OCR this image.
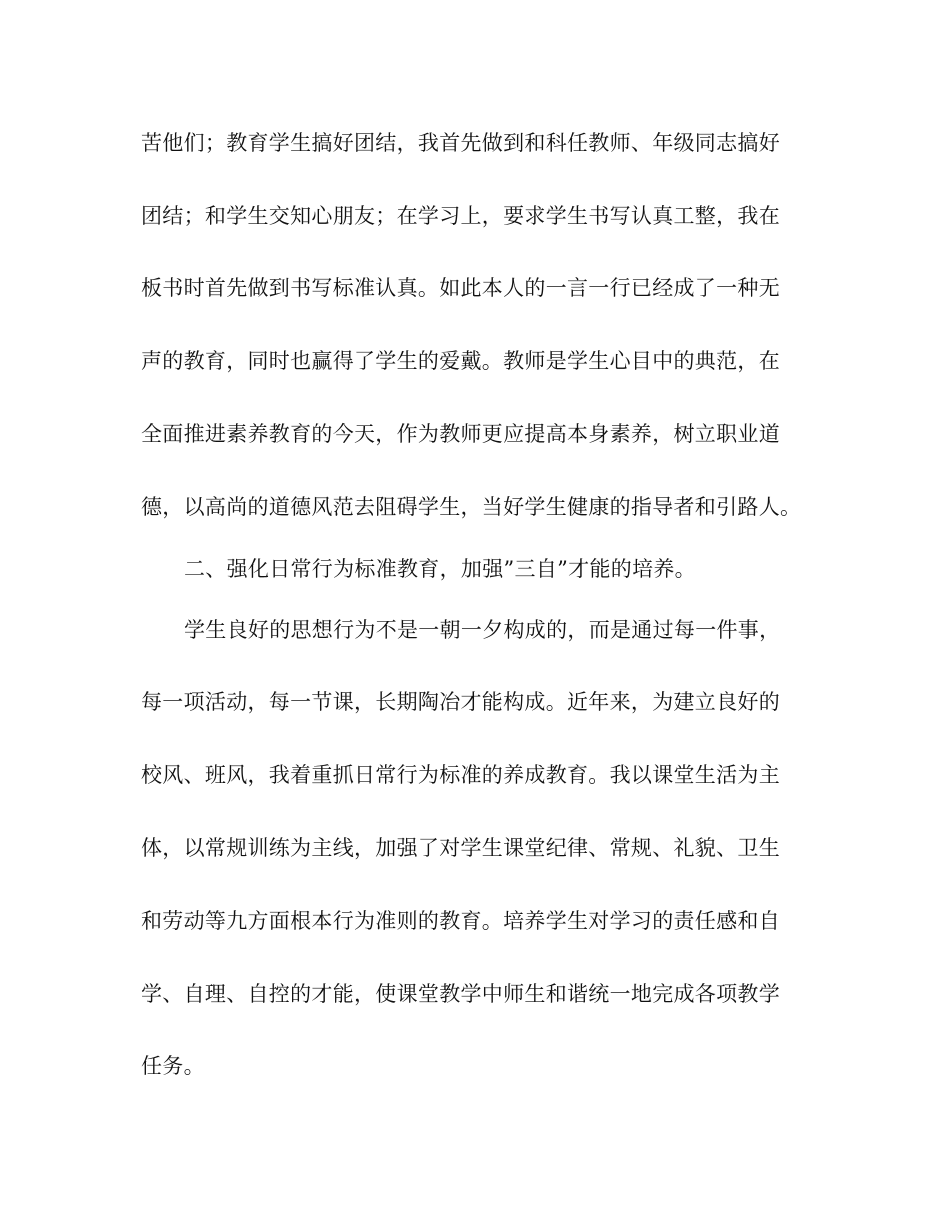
苦他们；教育学生搞好团结，我首先做到和科任教师、年级同志搞好
团结；和学生交知心朋友；在学习上，要求学生书写认真工整，我在
板书时首先做到书写标准认真。如此本人的一言一行已经成了一种无
声的教育，同时也赢得了学生的爱戴。教师是学生心目中的典范，在
全面推进素养教育的今天，作为教师更应提高本身素养，树立职业道
德，以高尚的道德风范去阻碍学生，当好学生健康的指导者和引路人。
二、强化日常行为标准教育，加强”三自”才能的培养。
学生良好的思想行为不是一朝一夕构成的，而是通过每一件事，
每一项活动，每一节课，长期陶冶才能构成。近年来，为建立良好的
校风、班风，我着重抓日常行为标准的养成教育。我以课堂生活为主
体，以常规训练为主线，加强了对学生课堂纪律、常规、礼貌、卫生
和劳动等九方面根本行为准则的教育。培养学生对学习的责任感和自
学、自理、自控的才能，使课堂教学中师生和谐统一地完成各项教学
任务。
